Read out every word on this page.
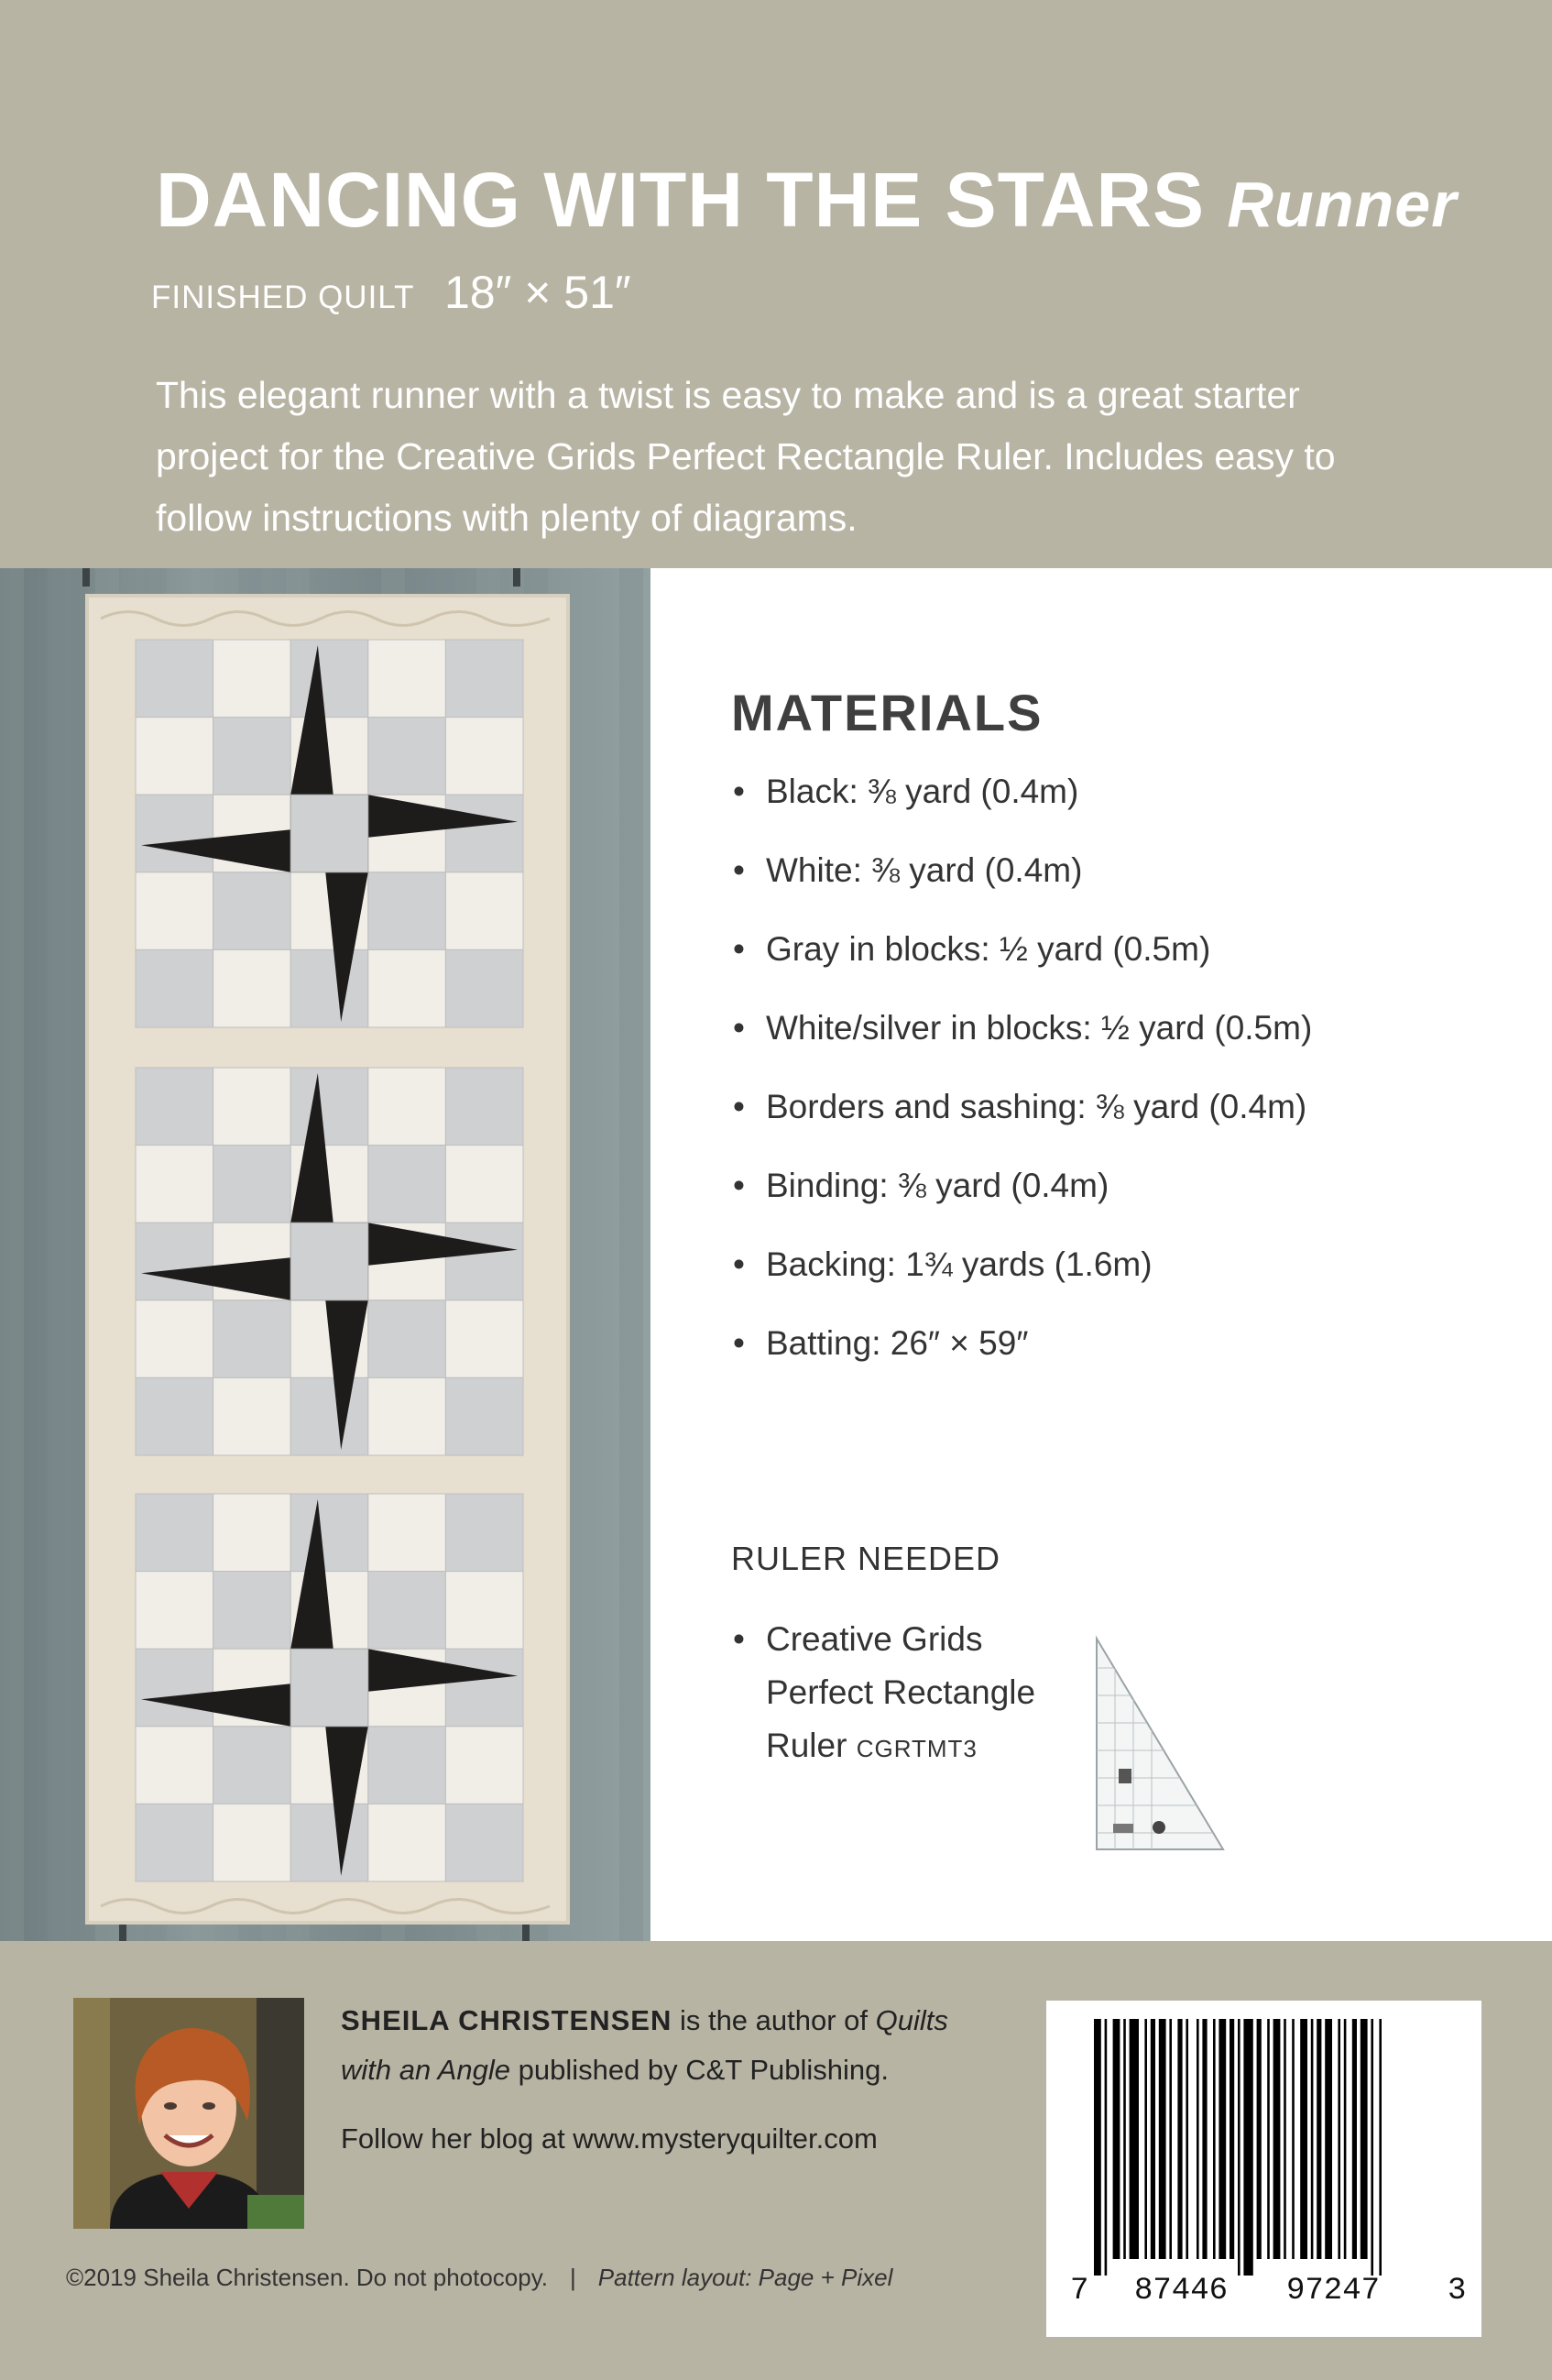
DANCING WITH THE STARS Runner
FINISHED QUILT 18″ × 51″

This elegant runner with a twist is easy to make and is a great starter project for the Creative Grids Perfect Rectangle Ruler. Includes easy to follow instructions with plenty of diagrams.

MATERIALS
• Black: ⅜ yard (0.4m)
• White: ⅜ yard (0.4m)
• Gray in blocks: ½ yard (0.5m)
• White/silver in blocks: ½ yard (0.5m)
• Borders and sashing: ⅜ yard (0.4m)
• Binding: ⅜ yard (0.4m)
• Backing: 1¾ yards (1.6m)
• Batting: 26″ × 59″
RULER NEEDED
• Creative Grids Perfect Rectangle Ruler CGRTMT3

SHEILA CHRISTENSEN is the author of Quilts with an Angle published by C&T Publishing.

Follow her blog at www.mysteryquilter.com

©2019 Sheila Christensen. Do not photocopy. | Pattern layout: Page + Pixel	7 87446 97247 3
